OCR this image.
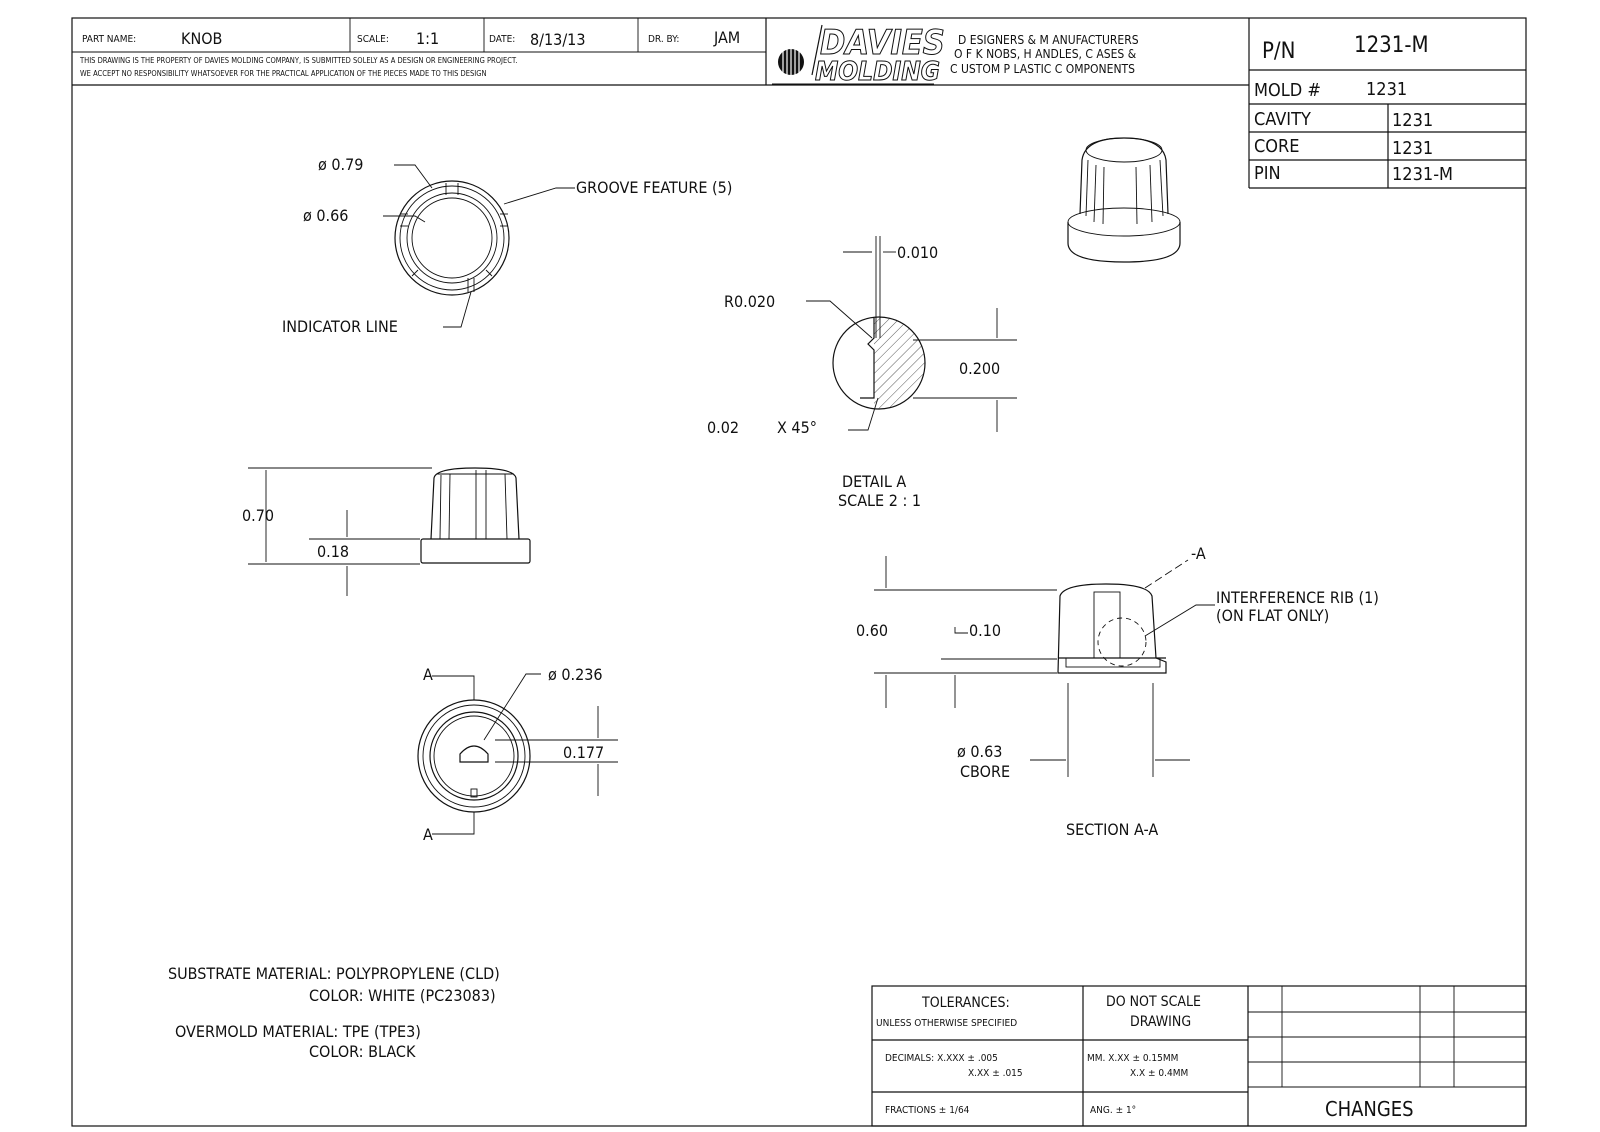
PART NAME:	KNOB	SCALE: 1:1	DATE: 8/13/13	DR. BY: JAM
THIS DRAWING IS THE PROPERTY OF DAVIES MOLDING COMPANY, IS SUBMITTED SOLELY AS A DESIGN OR ENGINEERING PROJECT.
WE ACCEPT NO RESPONSIBILITY WHATSOEVER FOR THE PRACTICAL APPLICATION OF THE PIECES MADE TO THIS DESIGN
DAVIES
MOLDING
D ESIGNERS & M ANUFACTURERS
O F K NOBS, H ANDLES, C ASES &
C USTOM P LASTIC C OMPONENTS
P/N	1231-M
MOLD #	1231
CAVITY	1231
CORE	1231
PIN	1231-M
ø 0.79
ø 0.66
GROOVE FEATURE (5)
INDICATOR LINE
0.010
R0.020
0.200
0.02 X 45°
DETAIL A
SCALE 2 : 1
0.70
0.18
A
A
ø 0.236
0.177
-A
INTERFERENCE RIB (1)
(ON FLAT ONLY)
0.60	0.10
ø 0.63
CBORE
SECTION A-A
SUBSTRATE MATERIAL: POLYPROPYLENE (CLD)
COLOR: WHITE (PC23083)
OVERMOLD MATERIAL: TPE (TPE3)
COLOR: BLACK
TOLERANCES:
UNLESS OTHERWISE SPECIFIED
DO NOT SCALE
DRAWING
DECIMALS: X.XXX ± .005
X.XX ± .015
MM. X.XX ± 0.15MM
X.X ± 0.4MM
FRACTIONS ± 1/64	ANG. ± 1°	CHANGES
